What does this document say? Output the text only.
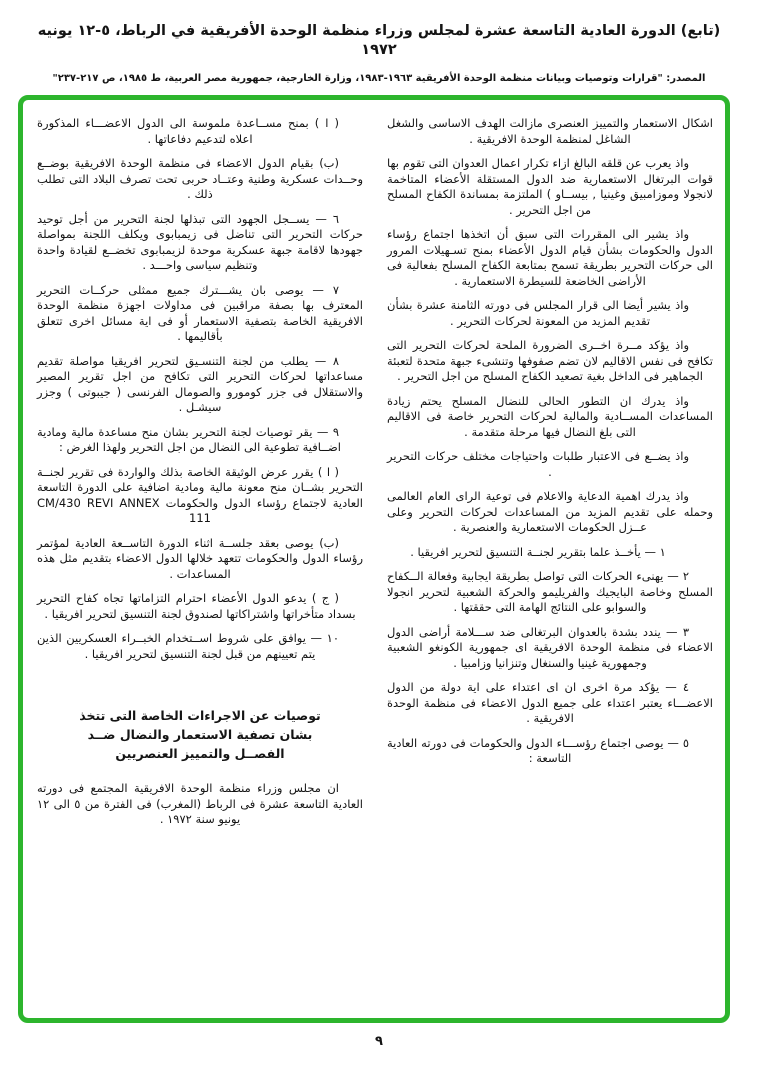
(تابع) الدورة العادية التاسعة عشرة لمجلس وزراء منظمة الوحدة الأفريقية في الرباط، ٥-١٢ يونيه ١٩٧٢
المصدر: "قرارات وتوصيات وبيانات منظمة الوحدة الأفريقية ١٩٦٣-١٩٨٣، وزارة الخارجية، جمهورية مصر العربية، ط ١٩٨٥، ص ٢١٧-٢٣٧"

اشكال الاستعمار والتمييز العنصرى مازالت الهدف الاساسى والشغل الشاغل لمنظمة الوحدة الافريقية .

واذ يعرب عن قلقه البالغ ازاء تكرار اعمال العدوان التى تقوم بها قوات البرتغال الاستعمارية ضد الدول المستقلة الأعضاء المتاخمة لانجولا وموزامبيق وغينيا , بيســاو ) الملتزمة بمساندة الكفاح المسلح من اجل التحرير .

واذ يشير الى المقررات التى سبق أن اتخذها اجتماع رؤساء الدول والحكومات بشأن قيام الدول الأعضاء بمنح تسـهيلات المرور الى حركات التحرير بطريقة تسمح بمتابعة الكفاح المسلح بفعالية فى الأراضى الخاضعة للسيطرة الاستعمارية .

واذ يشير أيضا الى قرار المجلس فى دورته الثامنة عشرة بشأن تقديم المزيد من المعونة لحركات التحرير .

واذ يؤكد مــرة اخــرى الضرورة الملحة لحركات التحرير التى تكافح فى نفس الاقاليم لان تضم صفوفها وتنشىء جبهة متحدة لتعبئة الجماهير فى الداخل بغية تصعيد الكفاح المسلح من اجل التحرير .

واذ يدرك ان التطور الحالى للنضال المسلح يحتم زيادة المساعدات المســادية والمالية لحركات التحرير خاصة فى الاقاليم التى بلغ النضال فيها مرحلة متقدمة .

واذ يضــع فى الاعتبار طلبات واحتياجات مختلف حركات التحرير .

واذ يدرك اهمية الدعاية والاعلام فى توعية الراى العام العالمى وحمله على تقديم المزيد من المساعدات لحركات التحرير وعلى عــزل الحكومات الاستعمارية والعنصرية .

١ — يأخــذ علما بتقرير لجنــة التنسيق لتحرير افريقيا .

٢ — يهنىء الحركات التى تواصل بطريقة ايجابية وفعالة الــكفاح المسلح وخاصة البايجيك والفريليمو والحركة الشعبية لتحرير انجولا والسوابو على النتائج الهامة التى حققتها .

٣ — يندد بشدة بالعدوان البرتغالى ضد ســـلامة أراضى الدول الاعضاء فى منظمة الوحدة الافريقية اى جمهورية الكونغو الشعبية وجمهورية غينيا والسنغال وتنزانيا وزامبيا .

٤ — يؤكد مرة اخرى ان اى اعتداء على اية دولة من الدول الاعضـــاء يعتبر اعتداء على جميع الدول الاعضاء فى منظمة الوحدة الافريقية .

٥ — يوصى اجتماع رؤســـاء الدول والحكومات فى دورته العادية التاسعة :

( ا ) بمنح مســاعدة ملموسة الى الدول الاعضـــاء المذكورة اعلاه لتدعيم دفاعاتها .

(ب) بقيام الدول الاعضاء فى منظمة الوحدة الافريقية بوضــع وحــدات عسكرية وطنية وعتــاد حربى تحت تصرف البلاد التى تطلب ذلك .

٦ — يســجل الجهود التى تبذلها لجنة التحرير من أجل توحيد حركات التحرير التى تناضل فى زيمبابوى ويكلف اللجنة بمواصلة جهودها لاقامة جبهة عسكرية موحدة لزيمبابوى تخضــع لقيادة واحدة وتنظيم سياسى واحـــد .

٧ — يوصى بان يشـــترك جميع ممثلى حركــات التحرير المعترف بها بصفة مراقبين فى مداولات اجهزة منظمة الوحدة الافريقية الخاصة بتصفية الاستعمار أو فى اية مسائل اخرى تتعلق بأقاليمها .

٨ — يطلب من لجنة التنسـيق لتحرير افريقيا مواصلة تقديم مساعداتها لحركات التحرير التى تكافح من اجل تقرير المصير والاستقلال فى جزر كومورو والصومال الفرنسى ( جيبوتى ) وجزر سيشـل .

٩ — يقر توصيات لجنة التحرير بشان منح مساعدة مالية ومادية اضــافية تطوعية الى النضال من اجل التحرير ولهذا الغرض :

( ا ) يقرر عرض الوثيقة الخاصة بذلك والواردة فى تقرير لجنــة التحرير بشــان منح معونة مالية ومادية اضافية على الدورة التاسعة العادية لاجتماع رؤساء الدول والحكومات CM/430 REVI ANNEX 111

(ب) يوصى بعقد جلســة اثناء الدورة التاســعة العادية لمؤتمر رؤساء الدول والحكومات تتعهد خلالها الدول الاعضاء بتقديم مثل هذه المساعدات .

( ج ) يدعو الدول الأعضاء احترام التزاماتها تجاه كفاح التحرير بسداد متأخراتها واشتراكاتها لصندوق لجنة التنسيق لتحرير افريقيا .

١٠ — يوافق على شروط اســتخدام الخبــراء العسكريين الذين يتم تعيينهم من قبل لجنة التنسيق لتحرير افريقيا .

توصيات عن الاجراءات الخاصة التى تتخذ بشان تصفية الاستعمار والنضال ضــد الفصــل والتمييز العنصريين

ان مجلس وزراء منظمة الوحدة الافريقية المجتمع فى دورته العادية التاسعة عشرة فى الرباط (المغرب) فى الفترة من ٥ الى ١٢ يونيو سنة ١٩٧٢ .

٩
